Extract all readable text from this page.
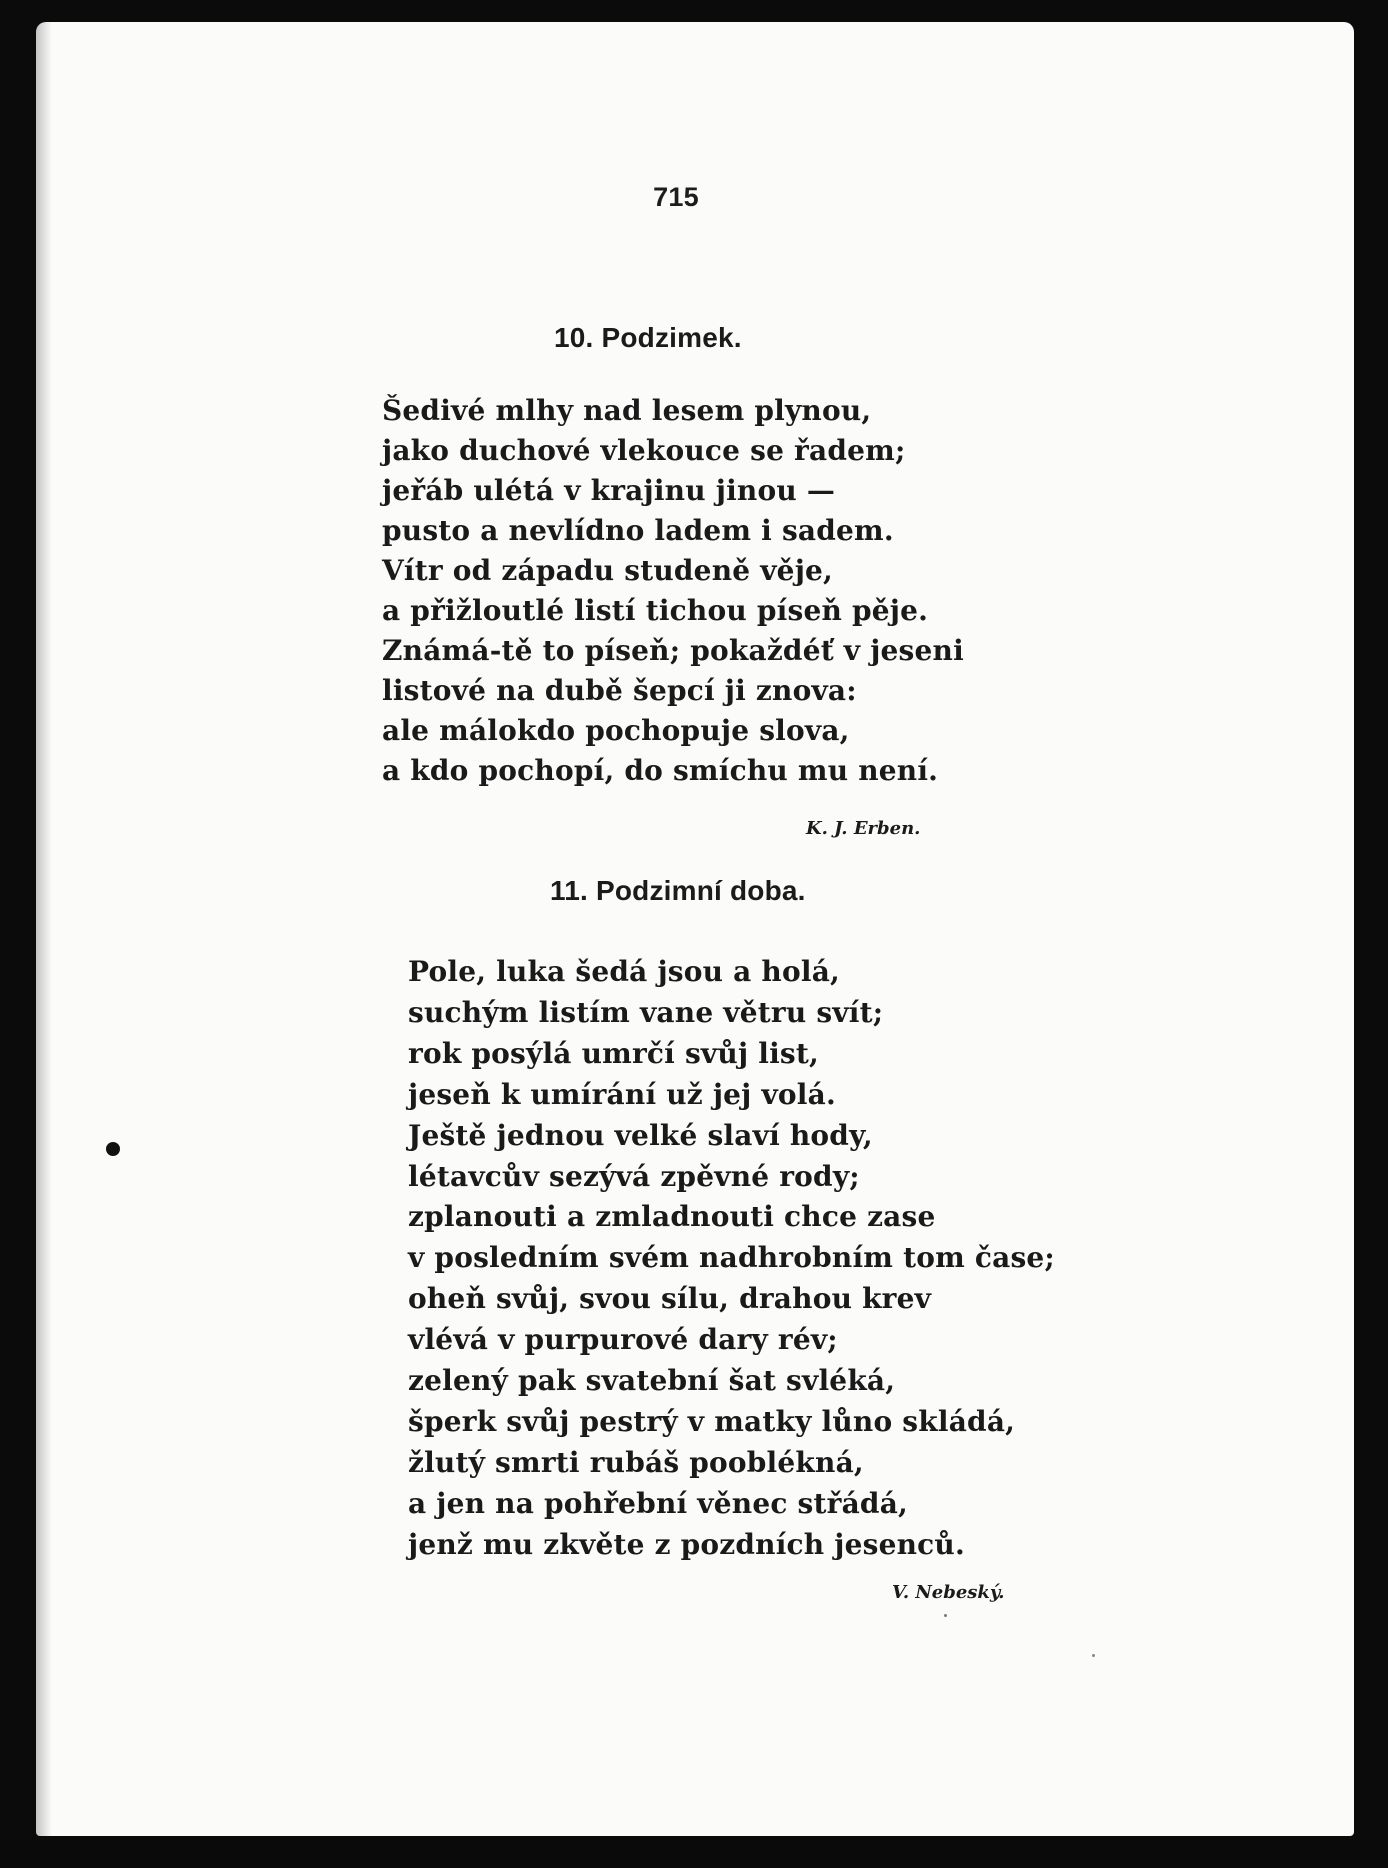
715
10. Podzimek.
Šedivé mlhy nad lesem plynou,
jako duchové vlekouce se řadem;
jeřáb ulétá v krajinu jinou —
pusto a nevlídno ladem i sadem.
Vítr od západu studeně věje,
a přižloutlé listí tichou píseň pěje.
Známá-tě to píseň; pokaždéť v jeseni
listové na dubě šepcí ji znova:
ale málokdo pochopuje slova,
a kdo pochopí, do smíchu mu není.
K. J. Erben.
11. Podzimní doba.
Pole, luka šedá jsou a holá,
suchým listím vane větru svít;
rok posýlá umrčí svůj list,
jeseň k umírání už jej volá.
Ještě jednou velké slaví hody,
létavcův sezývá zpěvné rody;
zplanouti a zmladnouti chce zase
v posledním svém nadhrobním tom čase;
oheň svůj, svou sílu, drahou krev
vlévá v purpurové dary rév;
zelený pak svatební šat svléká,
šperk svůj pestrý v matky lůno skládá,
žlutý smrti rubáš pooblékná,
a jen na pohřební věnec střádá,
jenž mu zkvěte z pozdních jesenců.
V. Nebeský.
